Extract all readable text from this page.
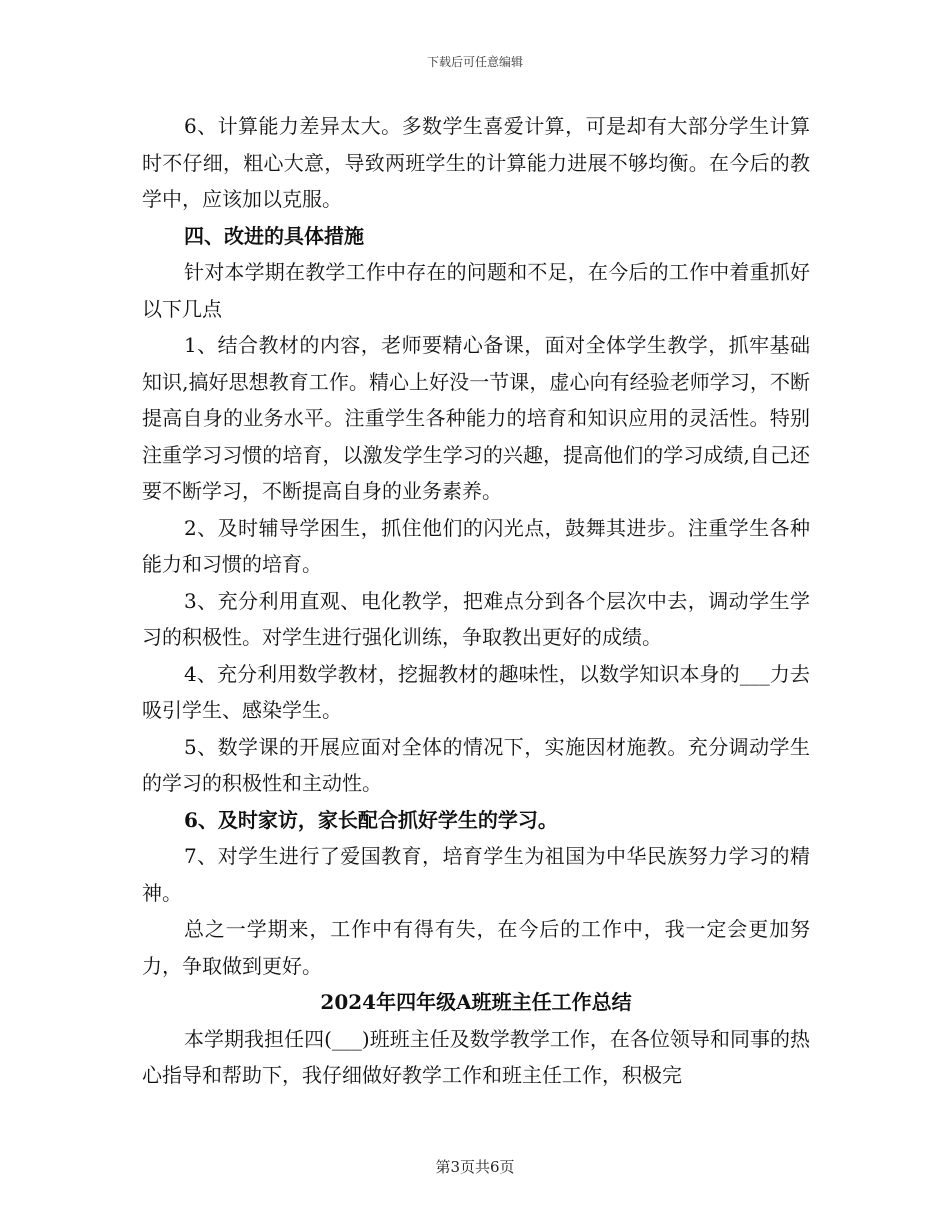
下载后可任意编辑

6、计算能力差异太大。多数学生喜爱计算，可是却有大部分学生计算时不仔细，粗心大意，导致两班学生的计算能力进展不够均衡。在今后的教学中，应该加以克服。

四、改进的具体措施

针对本学期在教学工作中存在的问题和不足，在今后的工作中着重抓好以下几点

1、结合教材的内容，老师要精心备课，面对全体学生教学，抓牢基础知识,搞好思想教育工作。精心上好没一节课，虚心向有经验老师学习，不断提高自身的业务水平。注重学生各种能力的培育和知识应用的灵活性。特别注重学习习惯的培育，以激发学生学习的兴趣，提高他们的学习成绩,自己还要不断学习，不断提高自身的业务素养。

2、及时辅导学困生，抓住他们的闪光点，鼓舞其进步。注重学生各种能力和习惯的培育。

3、充分利用直观、电化教学，把难点分到各个层次中去，调动学生学习的积极性。对学生进行强化训练，争取教出更好的成绩。

4、充分利用数学教材，挖掘教材的趣味性，以数学知识本身的___力去吸引学生、感染学生。

5、数学课的开展应面对全体的情况下，实施因材施教。充分调动学生的学习的积极性和主动性。

6、及时家访，家长配合抓好学生的学习。

7、对学生进行了爱国教育，培育学生为祖国为中华民族努力学习的精神。

总之一学期来，工作中有得有失，在今后的工作中，我一定会更加努力，争取做到更好。

2024年四年级A班班主任工作总结

本学期我担任四(___)班班主任及数学教学工作，在各位领导和同事的热心指导和帮助下，我仔细做好教学工作和班主任工作，积极完

第3页共6页
